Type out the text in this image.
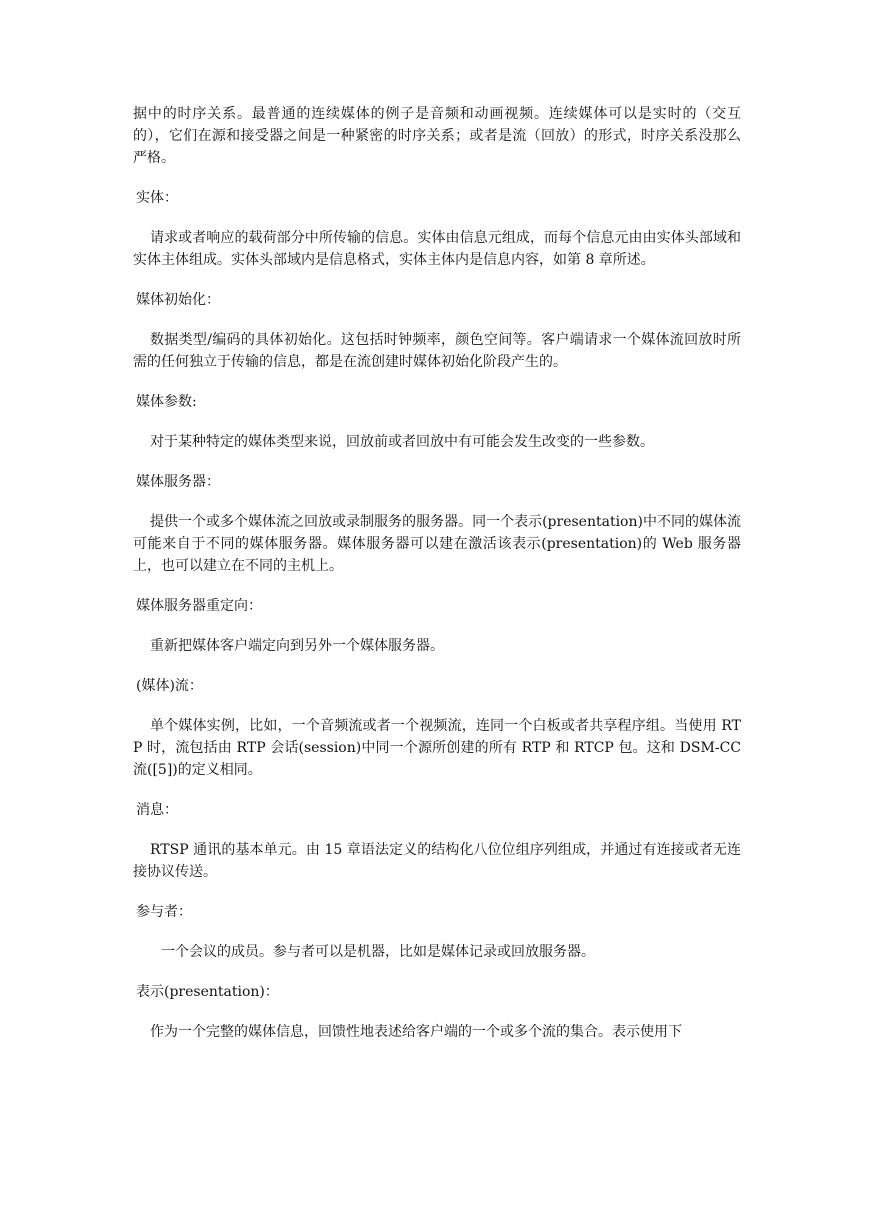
据中的时序关系。最普通的连续媒体的例子是音频和动画视频。连续媒体可以是实时的（交互的），它们在源和接受器之间是一种紧密的时序关系；或者是流（回放）的形式，时序关系没那么严格。

实体：

请求或者响应的载荷部分中所传输的信息。实体由信息元组成，而每个信息元由由实体头部域和实体主体组成。实体头部域内是信息格式，实体主体内是信息内容，如第 8 章所述。

媒体初始化：

数据类型/编码的具体初始化。这包括时钟频率，颜色空间等。客户端请求一个媒体流回放时所需的任何独立于传输的信息，都是在流创建时媒体初始化阶段产生的。

媒体参数:

对于某种特定的媒体类型来说，回放前或者回放中有可能会发生改变的一些参数。

媒体服务器：

提供一个或多个媒体流之回放或录制服务的服务器。同一个表示(presentation)中不同的媒体流可能来自于不同的媒体服务器。媒体服务器可以建在激活该表示(presentation)的 Web 服务器上，也可以建立在不同的主机上。

媒体服务器重定向：

重新把媒体客户端定向到另外一个媒体服务器。

(媒体)流：

单个媒体实例，比如，一个音频流或者一个视频流，连同一个白板或者共享程序组。当使用 RTP 时，流包括由 RTP 会话(session)中同一个源所创建的所有 RTP 和 RTCP 包。这和 DSM-CC 流([5])的定义相同。

消息：

RTSP 通讯的基本单元。由 15 章语法定义的结构化八位位组序列组成，并通过有连接或者无连接协议传送。

参与者：

一个会议的成员。参与者可以是机器，比如是媒体记录或回放服务器。

表示(presentation)：

作为一个完整的媒体信息，回馈性地表述给客户端的一个或多个流的集合。表示使用下
